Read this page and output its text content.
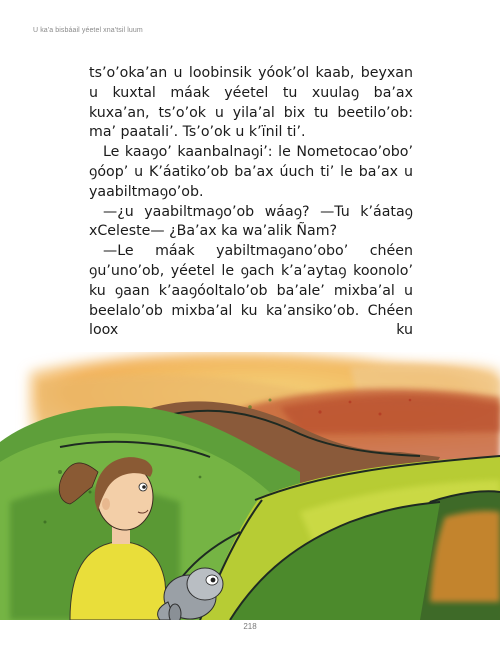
U ka'a bisbáail yéetel xna'tsil luum

ts’o’oka’an u loobinsik yóok’ol kaab, beyxan u kuxtal máak yéetel tu xuulaꝯ ba’ax kuxa’an, ts’o’ok u yila’al bix tu beetilo’ob: ma’ paatali’. Ts’o’ok u k’ïnil ti’.

Le kaaꝯo’ kaanbalnaꝯi’: le Nometocao’obo’ ꝯóop’ u K’áatiko’ob ba’ax úuch ti’ le ba’ax u yaabiltmaꝯo’ob.

—¿u yaabiltmaꝯo’ob wáaꝯ? —Tu k’áataꝯ xCeleste— ¿Ba’ax ka wa’alik Ñam?

—Le máak yabiltmaꝯano’obo’ chéen ꝯu’uno’ob, yéetel le ꝯach k’a’aytaꝯ koonolo’ ku ꝯaan k’aaꝯóoltalo’ob ba’ale’ mixba’al u beelalo’ob mixba’al ku ka’ansiko’ob. Chéen loox ku

218
